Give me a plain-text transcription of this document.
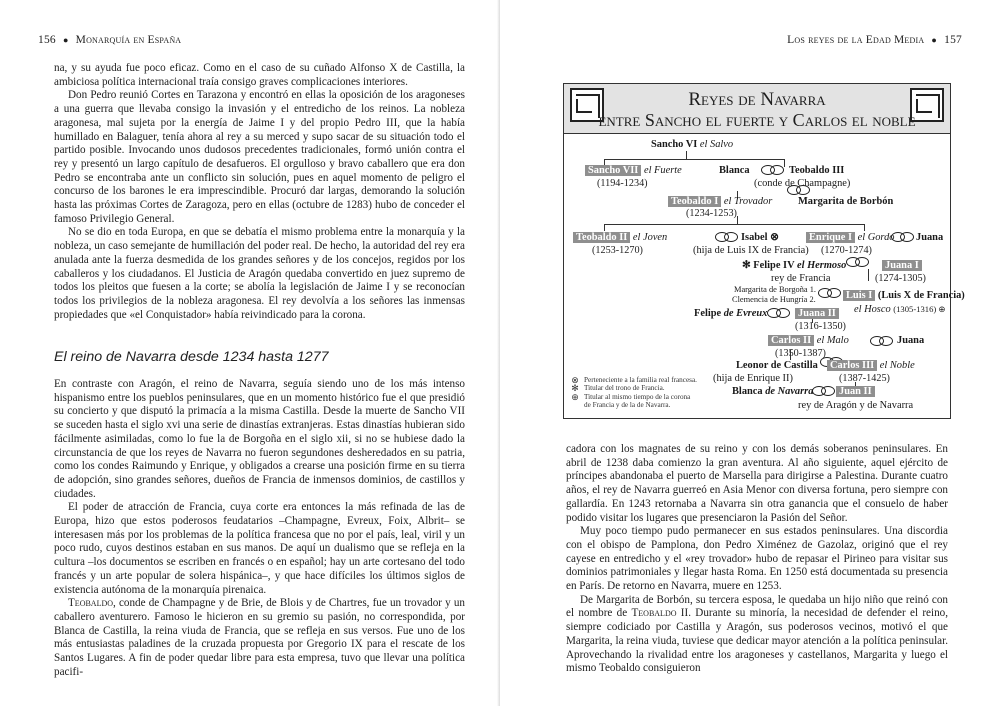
156 ● Monarquía en España

na, y su ayuda fue poco eficaz. Como en el caso de su cuñado Alfonso X de Castilla, la ambiciosa política internacional traía consigo graves complicaciones interiores.

Don Pedro reunió Cortes en Tarazona y encontró en ellas la oposición de los aragoneses a una guerra que llevaba consigo la invasión y el entredicho de los reinos. La nobleza aragonesa, mal sujeta por la energía de Jaime I y del propio Pedro III, que la había humillado en Balaguer, tenía ahora al rey a su merced y supo sacar de su situación todo el partido posible. Invocando unos dudosos precedentes tradicionales, formó unión contra el rey y presentó un largo capítulo de desafueros. El orgulloso y bravo caballero que era don Pedro se encontraba ante un conflicto sin solución, pues en aquel momento de peligro el concurso de los barones le era imprescindible. Procuró dar largas, demorando la solución hasta las próximas Cortes de Zaragoza, pero en ellas (octubre de 1283) hubo de conceder el famoso Privilegio General.

No se dio en toda Europa, en que se debatía el mismo problema entre la monarquía y la nobleza, un caso semejante de humillación del poder real. De hecho, la autoridad del rey era anulada ante la fuerza desmedida de los grandes señores y de los concejos, regidos por los caballeros y los ciudadanos. El Justicia de Aragón quedaba convertido en juez supremo de todos los pleitos que fuesen a la corte; se abolía la legislación de Jaime I y se reconocían todos los privilegios de la nobleza aragonesa. El rey devolvía a los señores las inmensas propiedades que «el Conquistador» había reivindicado para la corona.

El reino de Navarra desde 1234 hasta 1277

En contraste con Aragón, el reino de Navarra, seguía siendo uno de los más intenso hispanismo entre los pueblos peninsulares, que en un momento histórico fue el que presidió su concierto y que disputó la primacía a la misma Castilla. Desde la muerte de Sancho VII se suceden hasta el siglo xvi una serie de dinastías extranjeras. Estas dinastías hubieran sido fácilmente asimiladas, como lo fue la de Borgoña en el siglo xii, si no se hubiese dado la circunstancia de que los reyes de Navarra no fueron segundones desheredados en su patria, como los condes Raimundo y Enrique, y obligados a crearse una posición firme en su tierra de adopción, sino grandes señores, dueños de Francia de inmensos dominios, de castillos y ciudades.

El poder de atracción de Francia, cuya corte era entonces la más refinada de las de Europa, hizo que estos poderosos feudatarios –Champagne, Evreux, Foix, Albrit– se interesasen más por los problemas de la política francesa que no por el país, leal, viril y un poco rudo, cuyos destinos estaban en sus manos. De aquí un dualismo que se refleja en la cultura –los documentos se escriben en francés o en español; hay un arte cortesano del todo francés y un arte popular de solera hispánica–, y que hace difíciles los últimos siglos de existencia autónoma de la monarquía pirenaica.

Teobaldo, conde de Champagne y de Brie, de Blois y de Chartres, fue un trovador y un caballero aventurero. Famoso le hicieron en su gremio su pasión, no correspondida, por Blanca de Castilla, la reina viuda de Francia, que se refleja en sus versos. Fue uno de los más entusiastas paladines de la cruzada propuesta por Gregorio IX para el rescate de los Santos Lugares. A fin de poder quedar libre para esta empresa, tuvo que llevar una política pacifi-

Los reyes de la Edad Media ● 157

cadora con los magnates de su reino y con los demás soberanos peninsulares. En abril de 1238 daba comienzo la gran aventura. Al año siguiente, aquel ejército de príncipes abandonaba el puerto de Marsella para dirigirse a Palestina. Durante cuatro años, el rey de Navarra guerreó en Asia Menor con diversa fortuna, pero siempre con gallardía. En 1243 retornaba a Navarra sin otra ganancia que el consuelo de haber podido visitar los lugares que presenciaron la Pasión del Señor.

Muy poco tiempo pudo permanecer en sus estados peninsulares. Una discordia con el obispo de Pamplona, don Pedro Ximénez de Gazolaz, originó que el rey cayese en entredicho y el «rey trovador» hubo de repasar el Pirineo para visitar sus dominios patrimoniales y llegar hasta Roma. En 1250 está documentada su presencia en París. De retorno en Navarra, muere en 1253.

De Margarita de Borbón, su tercera esposa, le quedaba un hijo niño que reinó con el nombre de Teobaldo II. Durante su minoría, la necesidad de defender el reino, siempre codiciado por Castilla y Aragón, sus poderosos vecinos, motivó el que Margarita, la reina viuda, tuviese que dedicar mayor atención a la política peninsular. Aprovechando la rivalidad entre los aragoneses y castellanos, Margarita y luego el mismo Teobaldo consiguieron

Reyes de Navarra
entre Sancho el fuerte y Carlos el noble
Sancho VI el Salvo
Sancho VII el Fuerte
(1194-1234)
Blanca	Teobaldo III
(conde de Champagne)
Teobaldo I el Trovador Margarita de Borbón
(1234-1253)
Teobaldo II el Joven
(1253-1270)
Isabel ⊗
(hija de Luis IX de Francia)
Enrique I el Gordo Juana
(1270-1274)
✻ Felipe IV el Hermoso
rey de Francia
Juana I
(1274-1305)
Margarita de Borgoña 1.
Clemencia de Hungría 2.	Luis I (Luis X de Francia)
el Hosco (1305-1316) ⊕
Felipe de Evreux	Juana II
(1316-1350)
Carlos II el Malo	Juana
(1350-1387)
Leonor de Castilla
(hija de Enrique II)
Carlos III el Noble
(1387-1425)
Blanca de Navarra Juan II
rey de Aragón y de Navarra
⊗ Perteneciente a la familia real francesa.
✻ Titular del trono de Francia.
⊕ Titular al mismo tiempo de la corona de Francia y de la de Navarra.
